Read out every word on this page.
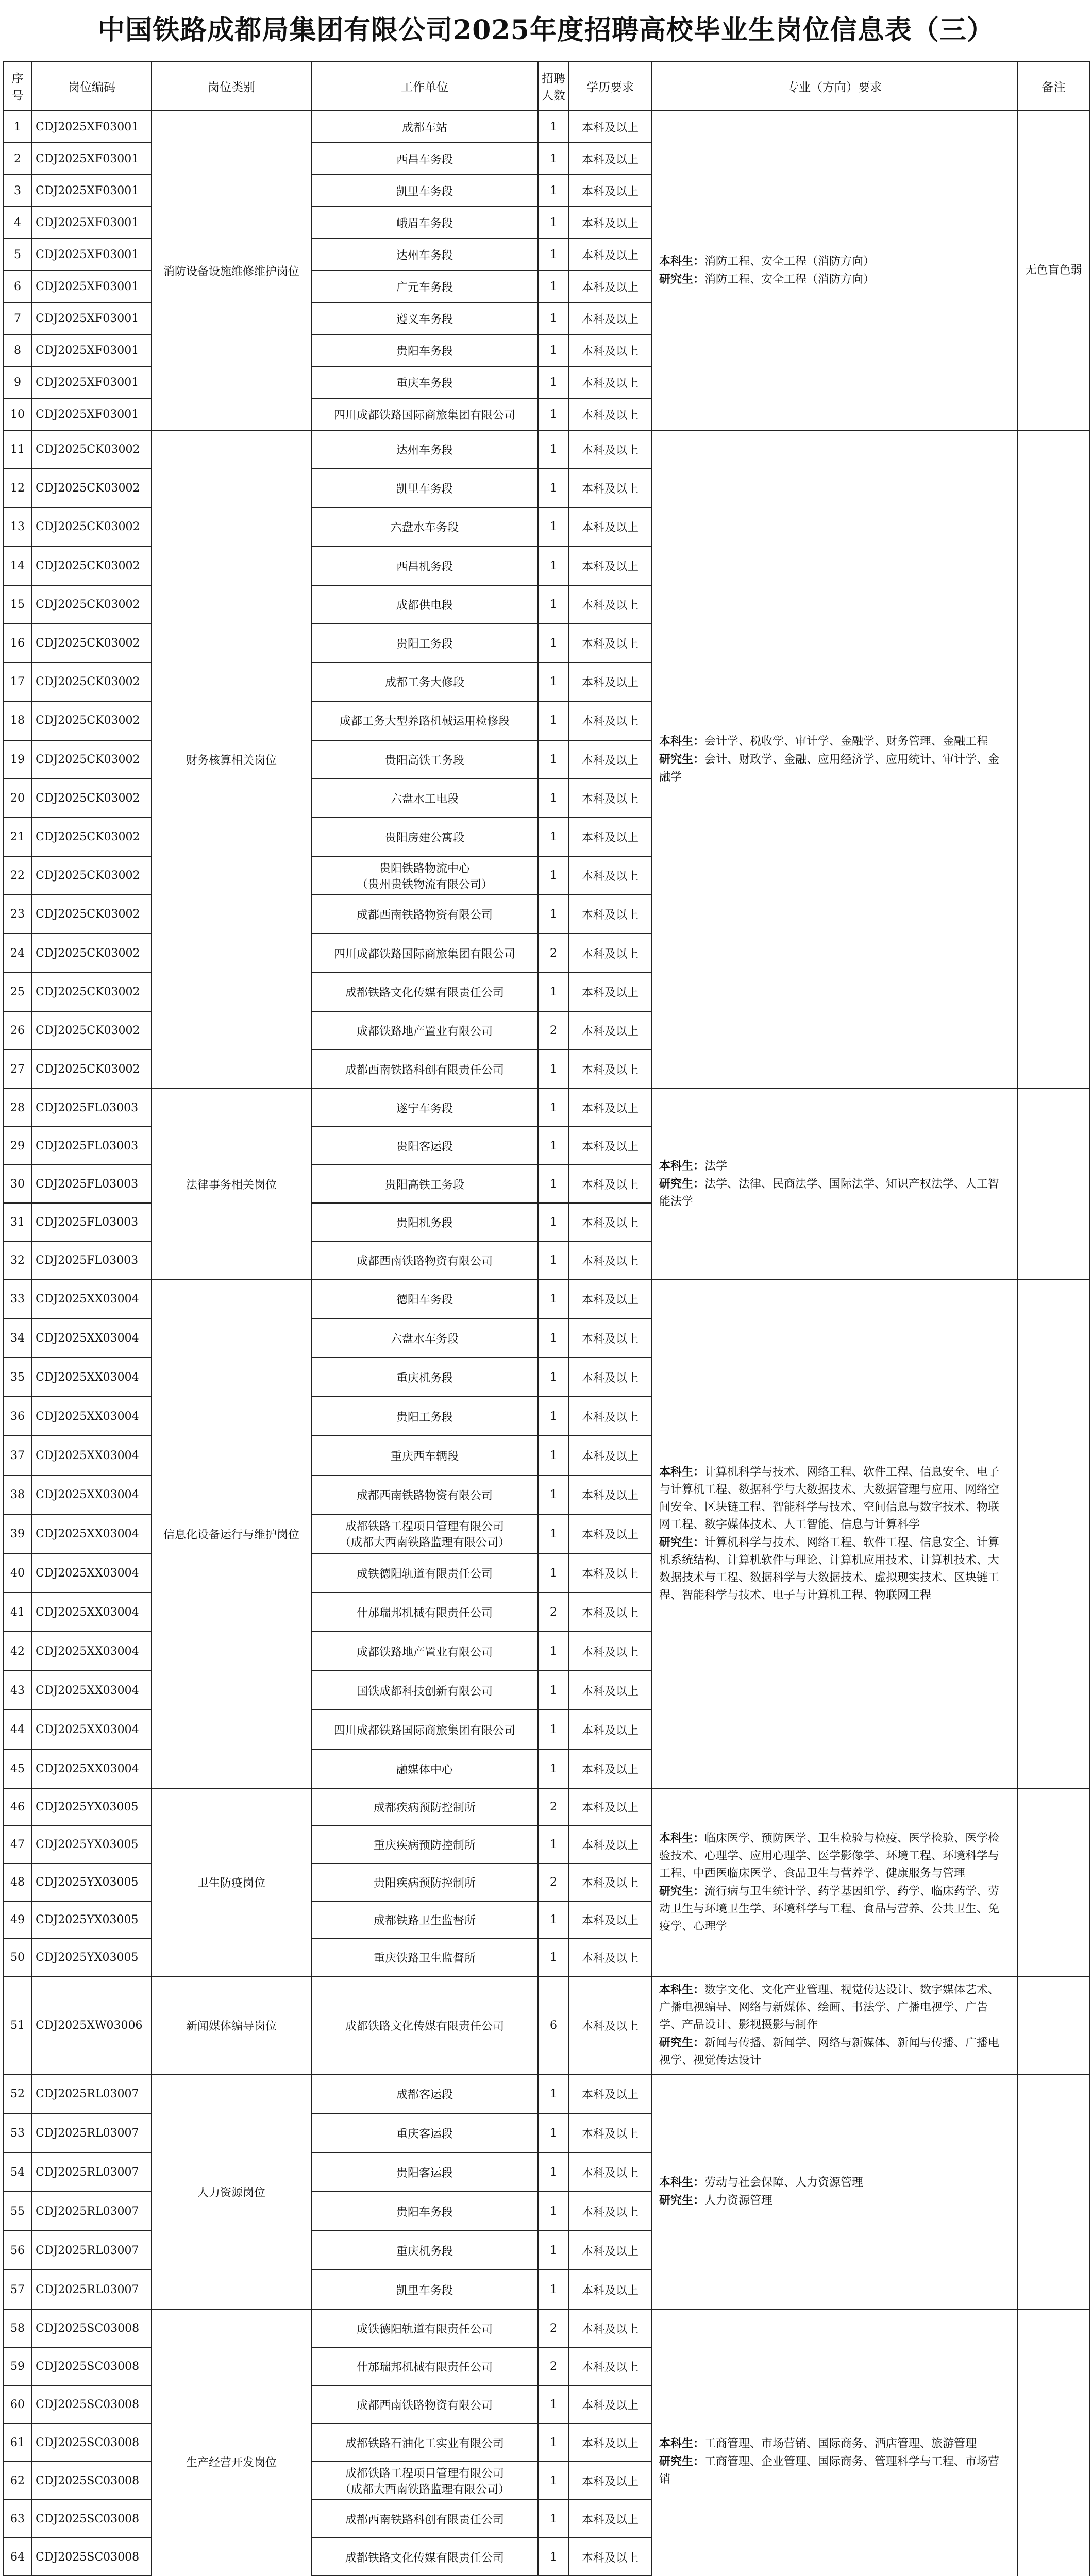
中国铁路成都局集团有限公司2025年度招聘高校毕业生岗位信息表（三）
序号	岗位编码	岗位类别	工作单位	招聘人数	学历要求	专业（方向）要求	备注
1	CDJ2025XF03001	消防设备设施维修维护岗位	成都车站	1	本科及以上	本科生：消防工程、安全工程（消防方向）
研究生：消防工程、安全工程（消防方向）	无色盲色弱
2	CDJ2025XF03001		西昌车务段	1	本科及以上		
3	CDJ2025XF03001		凯里车务段	1	本科及以上		
4	CDJ2025XF03001		峨眉车务段	1	本科及以上		
5	CDJ2025XF03001		达州车务段	1	本科及以上		
6	CDJ2025XF03001		广元车务段	1	本科及以上		
7	CDJ2025XF03001		遵义车务段	1	本科及以上		
8	CDJ2025XF03001		贵阳车务段	1	本科及以上		
9	CDJ2025XF03001		重庆车务段	1	本科及以上		
10	CDJ2025XF03001		四川成都铁路国际商旅集团有限公司	1	本科及以上		
11	CDJ2025CK03002	财务核算相关岗位	达州车务段	1	本科及以上	本科生：会计学、税收学、审计学、金融学、财务管理、金融工程
研究生：会计、财政学、金融、应用经济学、应用统计、审计学、金融学	

12	CDJ2025CK03002		凯里车务段	1	本科及以上		
13	CDJ2025CK03002		六盘水车务段	1	本科及以上		
14	CDJ2025CK03002		西昌机务段	1	本科及以上		
15	CDJ2025CK03002		成都供电段	1	本科及以上		
16	CDJ2025CK03002		贵阳工务段	1	本科及以上		
17	CDJ2025CK03002		成都工务大修段	1	本科及以上		
18	CDJ2025CK03002		成都工务大型养路机械运用检修段	1	本科及以上		
19	CDJ2025CK03002		贵阳高铁工务段	1	本科及以上		
20	CDJ2025CK03002		六盘水工电段	1	本科及以上		
21	CDJ2025CK03002		贵阳房建公寓段	1	本科及以上		
22	CDJ2025CK03002		贵阳铁路物流中心
（贵州贵铁物流有限公司）	1	本科及以上		
23	CDJ2025CK03002		成都西南铁路物资有限公司	1	本科及以上		
24	CDJ2025CK03002		四川成都铁路国际商旅集团有限公司	2	本科及以上		
25	CDJ2025CK03002		成都铁路文化传媒有限责任公司	1	本科及以上		
26	CDJ2025CK03002		成都铁路地产置业有限公司	2	本科及以上		
27	CDJ2025CK03002		成都西南铁路科创有限责任公司	1	本科及以上		
28	CDJ2025FL03003	法律事务相关岗位	遂宁车务段	1	本科及以上	本科生：法学
研究生：法学、法律、民商法学、国际法学、知识产权法学、人工智能法学	

29	CDJ2025FL03003		贵阳客运段	1	本科及以上		
30	CDJ2025FL03003		贵阳高铁工务段	1	本科及以上		
31	CDJ2025FL03003		贵阳机务段	1	本科及以上		
32	CDJ2025FL03003		成都西南铁路物资有限公司	1	本科及以上		
33	CDJ2025XX03004	信息化设备运行与维护岗位	德阳车务段	1	本科及以上	本科生：计算机科学与技术、网络工程、软件工程、信息安全、电子与计算机工程、数据科学与大数据技术、大数据管理与应用、网络空间安全、区块链工程、智能科学与技术、空间信息与数字技术、物联网工程、数字媒体技术、人工智能、信息与计算科学
研究生：计算机科学与技术、网络工程、软件工程、信息安全、计算机系统结构、计算机软件与理论、计算机应用技术、计算机技术、大数据技术与工程、数据科学与大数据技术、虚拟现实技术、区块链工程、智能科学与技术、电子与计算机工程、物联网工程	

34	CDJ2025XX03004		六盘水车务段	1	本科及以上		
35	CDJ2025XX03004		重庆机务段	1	本科及以上		
36	CDJ2025XX03004		贵阳工务段	1	本科及以上		
37	CDJ2025XX03004		重庆西车辆段	1	本科及以上		
38	CDJ2025XX03004		成都西南铁路物资有限公司	1	本科及以上		
39	CDJ2025XX03004		成都铁路工程项目管理有限公司
（成都大西南铁路监理有限公司）	1	本科及以上		
40	CDJ2025XX03004		成铁德阳轨道有限责任公司	1	本科及以上		
41	CDJ2025XX03004		什邡瑞邦机械有限责任公司	2	本科及以上		
42	CDJ2025XX03004		成都铁路地产置业有限公司	1	本科及以上		
43	CDJ2025XX03004		国铁成都科技创新有限公司	1	本科及以上		
44	CDJ2025XX03004		四川成都铁路国际商旅集团有限公司	1	本科及以上		
45	CDJ2025XX03004		融媒体中心	1	本科及以上		
46	CDJ2025YX03005	卫生防疫岗位	成都疾病预防控制所	2	本科及以上	本科生：临床医学、预防医学、卫生检验与检疫、医学检验、医学检验技术、心理学、应用心理学、医学影像学、环境工程、环境科学与工程、中西医临床医学、食品卫生与营养学、健康服务与管理
研究生：流行病与卫生统计学、药学基因组学、药学、临床药学、劳动卫生与环境卫生学、环境科学与工程、食品与营养、公共卫生、免疫学、心理学	

47	CDJ2025YX03005		重庆疾病预防控制所	1	本科及以上		
48	CDJ2025YX03005		贵阳疾病预防控制所	2	本科及以上		
49	CDJ2025YX03005		成都铁路卫生监督所	1	本科及以上		
50	CDJ2025YX03005		重庆铁路卫生监督所	1	本科及以上		
51	CDJ2025XW03006	新闻媒体编导岗位	成都铁路文化传媒有限责任公司	6	本科及以上	本科生：数字文化、文化产业管理、视觉传达设计、数字媒体艺术、广播电视编导、网络与新媒体、绘画、书法学、广播电视学、广告学、产品设计、影视摄影与制作
研究生：新闻与传播、新闻学、网络与新媒体、新闻与传播、广播电视学、视觉传达设计	

52	CDJ2025RL03007	人力资源岗位	成都客运段	1	本科及以上	本科生：劳动与社会保障、人力资源管理
研究生：人力资源管理	

53	CDJ2025RL03007		重庆客运段	1	本科及以上		
54	CDJ2025RL03007		贵阳客运段	1	本科及以上		
55	CDJ2025RL03007		贵阳车务段	1	本科及以上		
56	CDJ2025RL03007		重庆机务段	1	本科及以上		
57	CDJ2025RL03007		凯里车务段	1	本科及以上		
58	CDJ2025SC03008	生产经营开发岗位	成铁德阳轨道有限责任公司	2	本科及以上	本科生：工商管理、市场营销、国际商务、酒店管理、旅游管理
研究生：工商管理、企业管理、国际商务、管理科学与工程、市场营销	

59	CDJ2025SC03008		什邡瑞邦机械有限责任公司	2	本科及以上		
60	CDJ2025SC03008		成都西南铁路物资有限公司	1	本科及以上		
61	CDJ2025SC03008		成都铁路石油化工实业有限公司	1	本科及以上		
62	CDJ2025SC03008		成都铁路工程项目管理有限公司
（成都大西南铁路监理有限公司）	1	本科及以上		
63	CDJ2025SC03008		成都西南铁路科创有限责任公司	1	本科及以上		
64	CDJ2025SC03008		成都铁路文化传媒有限责任公司	1	本科及以上		
